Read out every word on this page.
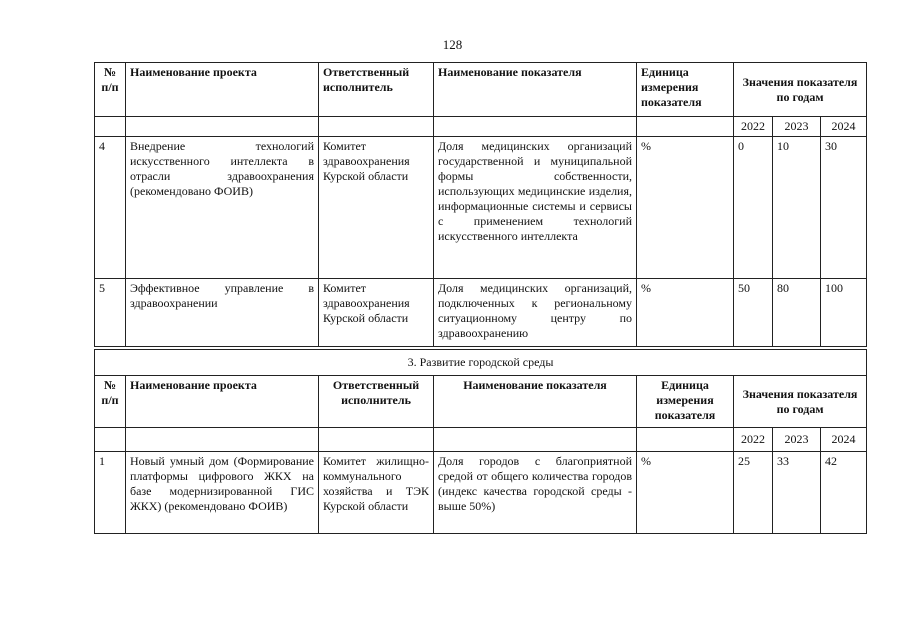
128
№ п/п	Наименование проекта	Ответственный исполнитель	Наименование показателя	Единица измерения показателя	Значения показателя по годам		
					2022	2023	2024
4	Внедрение технологий искусственного интеллекта в отрасли здравоохранения (рекомендовано ФОИВ)	Комитет здравоохранения Курской области	Доля медицинских организаций государственной и муниципальной формы собственности, использующих медицинские изделия, информационные системы и сервисы с применением технологий искусственного интеллекта	%	0	10	30
5	Эффективное управление в здравоохранении	Комитет здравоохранения Курской области	Доля медицинских организаций, подключенных к региональному ситуационному центру по здравоохранению	%	50	80	100
3. Развитие городской среды							
№ п/п	Наименование проекта	Ответственный исполнитель	Наименование показателя	Единица измерения показателя	Значения показателя по годам		
					2022	2023	2024
1	Новый умный дом (Формирование платформы цифрового ЖКХ на базе модернизированной ГИС ЖКХ) (рекомендовано ФОИВ)	Комитет жилищно-коммунального хозяйства и ТЭК Курской области	Доля городов с благоприятной средой от общего количества городов (индекс качества городской среды - выше 50%)	%	25	33	42
